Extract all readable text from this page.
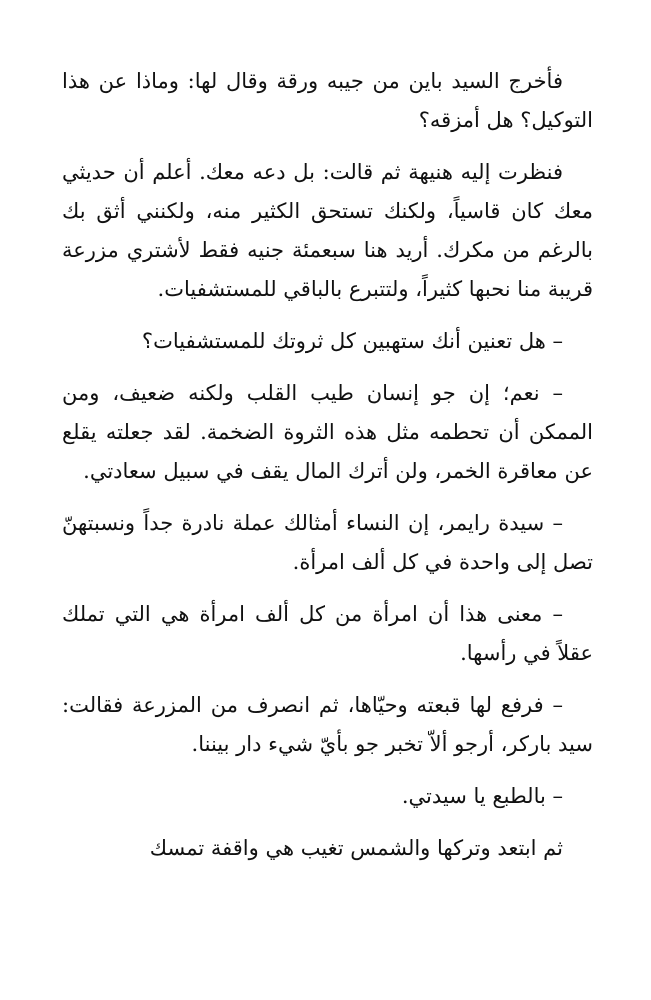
فأخرج السيد باين من جيبه ورقة وقال لها: وماذا عن هذا التوكيل؟ هل أمزقه؟

فنظرت إليه هنيهة ثم قالت: بل دعه معك. أعلم أن حديثي معك كان قاسياً، ولكنك تستحق الكثير منه، ولكنني أثق بك بالرغم من مكرك. أريد هنا سبعمئة جنيه فقط لأشتري مزرعة قريبة منا نحبها كثيراً، ولتتبرع بالباقي للمستشفيات.

– هل تعنين أنك ستهبين كل ثروتك للمستشفيات؟

– نعم؛ إن جو إنسان طيب القلب ولكنه ضعيف، ومن الممكن أن تحطمه مثل هذه الثروة الضخمة. لقد جعلته يقلع عن معاقرة الخمر، ولن أترك المال يقف في سبيل سعادتي.

– سيدة رايمر، إن النساء أمثالك عملة نادرة جداً ونسبتهنّ تصل إلى واحدة في كل ألف امرأة.

– معنى هذا أن امرأة من كل ألف امرأة هي التي تملك عقلاً في رأسها.

– فرفع لها قبعته وحيّاها، ثم انصرف من المزرعة فقالت: سيد باركر، أرجو ألاّ تخبر جو بأيّ شيء دار بيننا.

– بالطبع يا سيدتي.

ثم ابتعد وتركها والشمس تغيب هي واقفة تمسك
